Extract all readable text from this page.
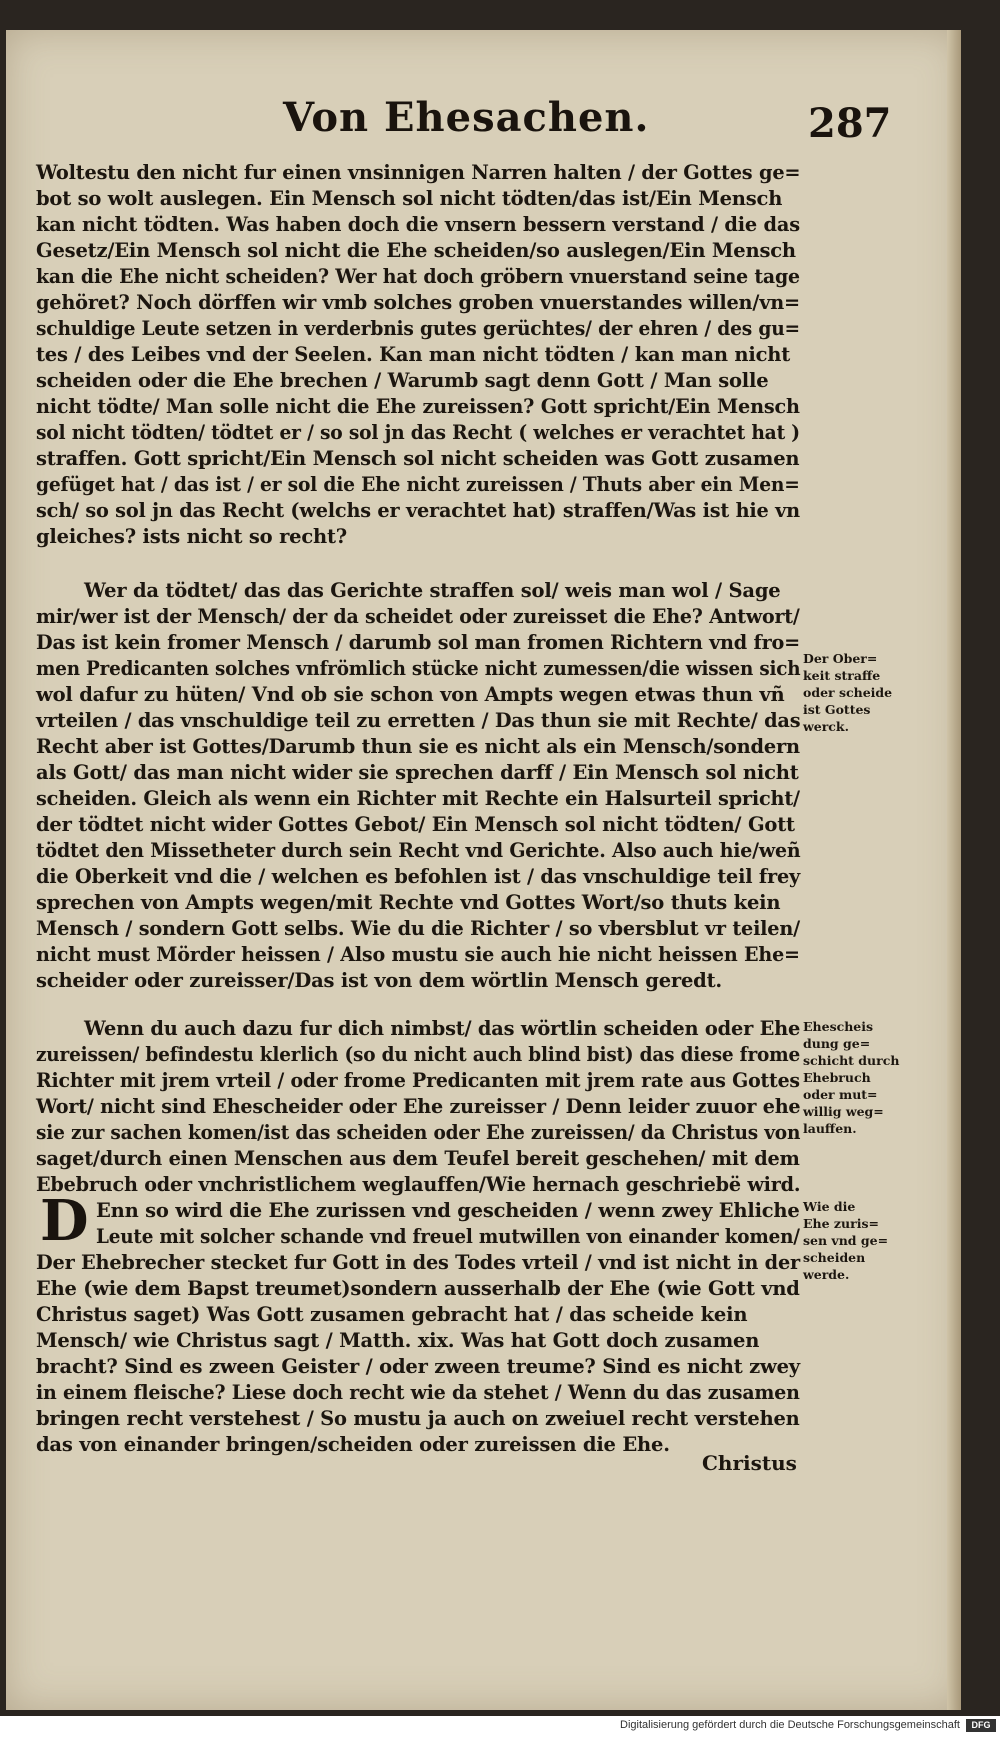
Von Ehesachen.	287
Woltestu den nicht fur einen vnsinnigen Narren halten / der Gottes ge=
bot so wolt auslegen. Ein Mensch sol nicht tödten/das ist/Ein Mensch
kan nicht tödten. Was haben doch die vnsern bessern verstand / die das
Gesetz/Ein Mensch sol nicht die Ehe scheiden/so auslegen/Ein Mensch
kan die Ehe nicht scheiden? Wer hat doch gröbern vnuerstand seine tage
gehöret? Noch dörffen wir vmb solches groben vnuerstandes willen/vn=
schuldige Leute setzen in verderbnis gutes gerüchtes/ der ehren / des gu=
tes / des Leibes vnd der Seelen. Kan man nicht tödten / kan man nicht
scheiden oder die Ehe brechen / Warumb sagt denn Gott / Man solle
nicht tödte/ Man solle nicht die Ehe zureissen? Gott spricht/Ein Mensch
sol nicht tödten/ tödtet er / so sol jn das Recht ( welches er verachtet hat )
straffen. Gott spricht/Ein Mensch sol nicht scheiden was Gott zusamen
gefüget hat / das ist / er sol die Ehe nicht zureissen / Thuts aber ein Men=
sch/ so sol jn das Recht (welchs er verachtet hat) straffen/Was ist hie vn
gleiches? ists nicht so recht?
Wer da tödtet/ das das Gerichte straffen sol/ weis man wol / Sage
mir/wer ist der Mensch/ der da scheidet oder zureisset die Ehe? Antwort/
Das ist kein fromer Mensch / darumb sol man fromen Richtern vnd fro=
men Predicanten solches vnfrömlich stücke nicht zumessen/die wissen sich
wol dafur zu hüten/ Vnd ob sie schon von Ampts wegen etwas thun vñ
vrteilen / das vnschuldige teil zu erretten / Das thun sie mit Rechte/ das
Recht aber ist Gottes/Darumb thun sie es nicht als ein Mensch/sondern
als Gott/ das man nicht wider sie sprechen darff / Ein Mensch sol nicht
scheiden. Gleich als wenn ein Richter mit Rechte ein Halsurteil spricht/
der tödtet nicht wider Gottes Gebot/ Ein Mensch sol nicht tödten/ Gott
tödtet den Missetheter durch sein Recht vnd Gerichte. Also auch hie/weñ
die Oberkeit vnd die / welchen es befohlen ist / das vnschuldige teil frey
sprechen von Ampts wegen/mit Rechte vnd Gottes Wort/so thuts kein
Mensch / sondern Gott selbs. Wie du die Richter / so vbersblut vr teilen/
nicht must Mörder heissen / Also mustu sie auch hie nicht heissen Ehe=
scheider oder zureisser/Das ist von dem wörtlin Mensch geredt.
Wenn du auch dazu fur dich nimbst/ das wörtlin scheiden oder Ehe
zureissen/ befindestu klerlich (so du nicht auch blind bist) das diese frome
Richter mit jrem vrteil / oder frome Predicanten mit jrem rate aus Gottes
Wort/ nicht sind Ehescheider oder Ehe zureisser / Denn leider zuuor ehe
sie zur sachen komen/ist das scheiden oder Ehe zureissen/ da Christus von
saget/durch einen Menschen aus dem Teufel bereit geschehen/ mit dem
Ebebruch oder vnchristlichem weglauffen/Wie hernach geschriebë wird.
D Enn so wird die Ehe zurissen vnd gescheiden / wenn zwey Ehliche
Leute mit solcher schande vnd freuel mutwillen von einander komen/
Der Ehebrecher stecket fur Gott in des Todes vrteil / vnd ist nicht in der
Ehe (wie dem Bapst treumet)sondern ausserhalb der Ehe (wie Gott vnd
Christus saget) Was Gott zusamen gebracht hat / das scheide kein
Mensch/ wie Christus sagt / Matth. xix. Was hat Gott doch zusamen
bracht? Sind es zween Geister / oder zween treume? Sind es nicht zwey
in einem fleische? Liese doch recht wie da stehet / Wenn du das zusamen
bringen recht verstehest / So mustu ja auch on zweiuel recht verstehen
das von einander bringen/scheiden oder zureissen die Ehe.
Christus
Der Ober=
keit straffe
oder scheide
ist Gottes
werck.
Ehescheis
dung ge=
schicht durch
Ehebruch
oder mut=
willig weg=
lauffen.
Wie die
Ehe zuris=
sen vnd ge=
scheiden
werde.
Digitalisierung gefördert durch die Deutsche Forschungsgemeinschaft	DFG
